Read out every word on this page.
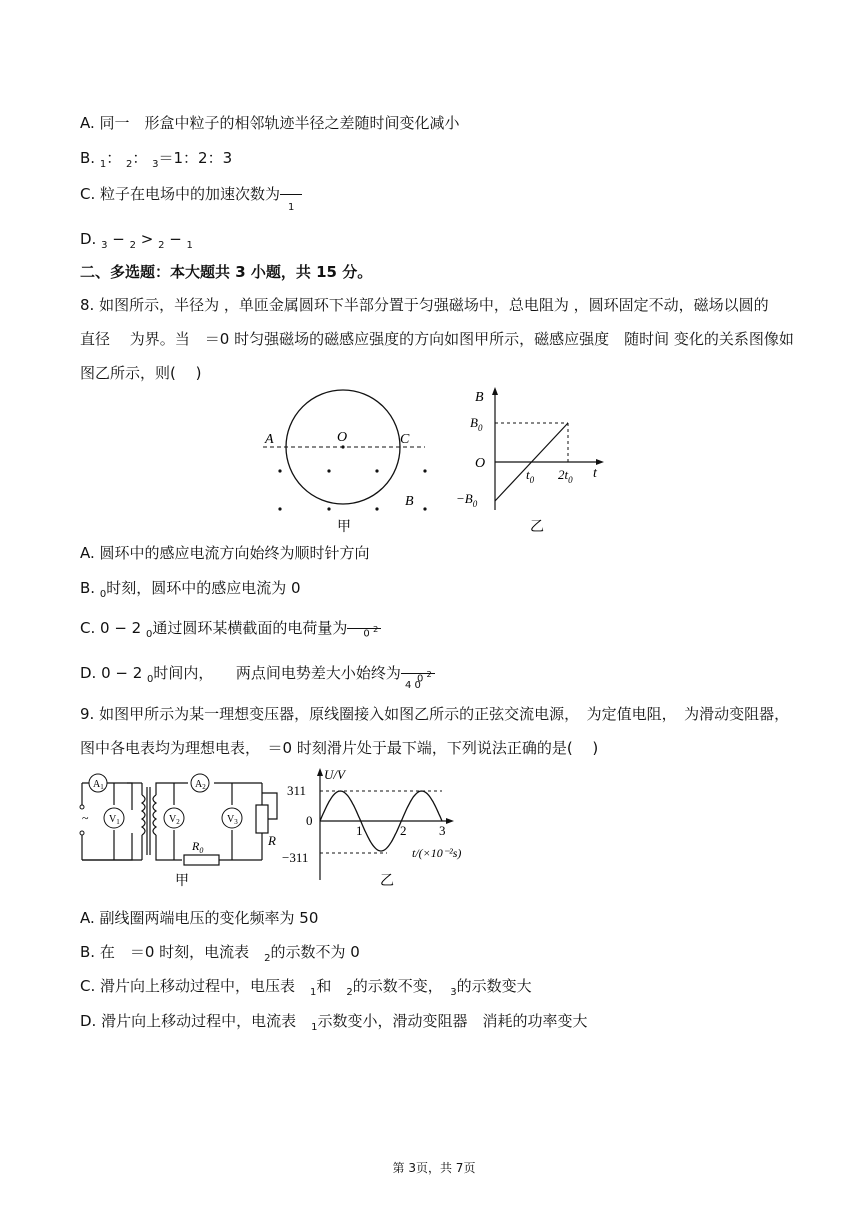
A. 同一　形盒中粒子的相邻轨迹半径之差随时间变化减小
B. $_1$： $_2$： $_3$＝1：2：3
C. 粒子在电场中的加速次数为
1
D. $_3$ − $_2$ > $_2$ − $_1$
二、多选题：本大题共 3 小题，共 15 分。
8. 如图所示，半径为 ，单匝金属圆环下半部分置于匀强磁场中，总电阻为 ，圆环固定不动，磁场以圆的
直径　 为界。当　＝0 时匀强磁场的磁感应强度的方向如图甲所示，磁感应强度　随时间 变化的关系图像如
图乙所示，则(　 )
A	O	C
B
甲
B
$B_0$
O
$t_0$ $2t_0$ t
$-B_0$
乙
A. 圆环中的感应电流方向始终为顺时针方向
B. $_0$时刻，圆环中的感应电流为 0
C. 0 − 2 $_0$通过圆环某横截面的电荷量为 0 $^2$
D. 0 − 2 $_0$时间内，　　两点间电势差大小始终为 0 $^2$
4 0
9. 如图甲所示为某一理想变压器，原线圈接入如图乙所示的正弦交流电源，　为定值电阻，　为滑动变阻器，
图中各电表均为理想电表，　＝0 时刻滑片处于最下端，下列说法正确的是(　 )
~
$A_1$	$A_2$
$V_1$	$V_2$	$V_3$
R
$R_0$
甲
U/V
311
0
−311
1	2	3
t/(×10⁻²s)
乙
A. 副线圈两端电压的变化频率为 50
B. 在　＝0 时刻，电流表　$_2$的示数不为 0
C. 滑片向上移动过程中，电压表　$_1$和　$_2$的示数不变，　$_3$的示数变大
D. 滑片向上移动过程中，电流表　$_1$示数变小，滑动变阻器　消耗的功率变大
第 3页，共 7页
